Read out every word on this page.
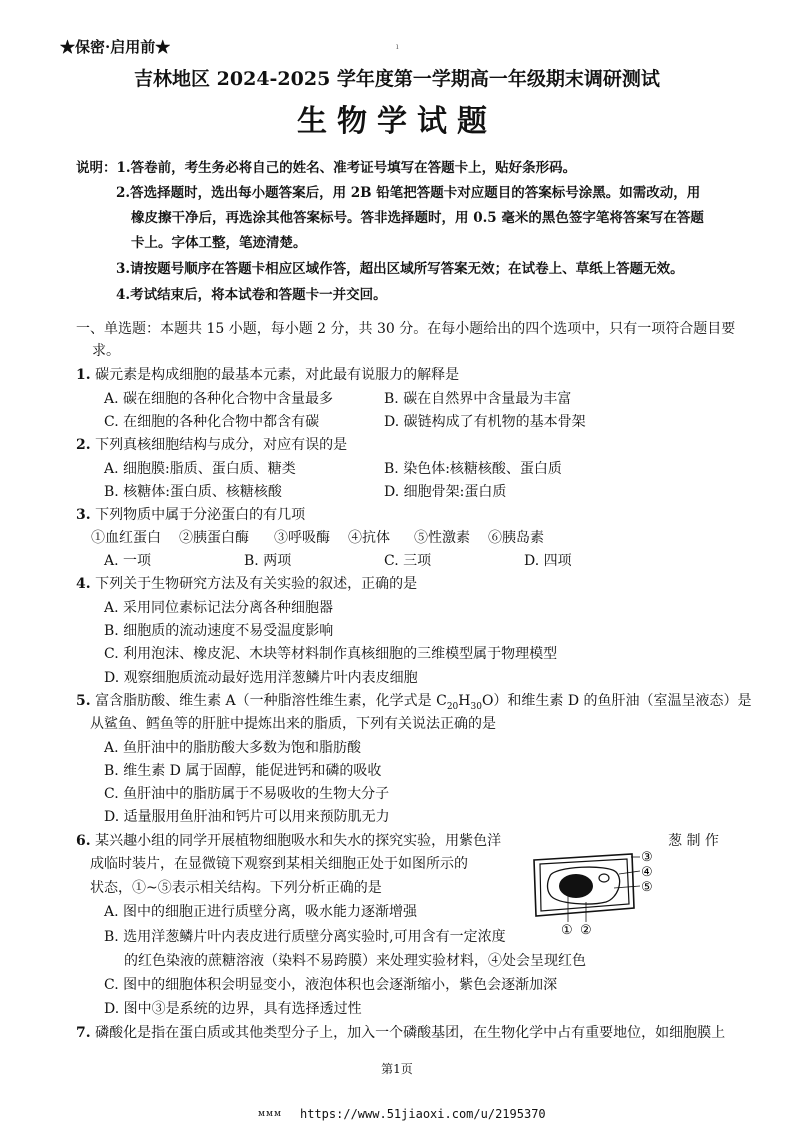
★保密·启用前★	ı
吉林地区 2024-2025 学年度第一学期高一年级期末调研测试
生物学试题
说明：1.答卷前，考生务必将自己的姓名、准考证号填写在答题卡上，贴好条形码。
2.答选择题时，选出每小题答案后，用 2B 铅笔把答题卡对应题目的答案标号涂黑。如需改动，用
橡皮擦干净后，再选涂其他答案标号。答非选择题时，用 0.5 毫米的黑色签字笔将答案写在答题
卡上。字体工整，笔迹清楚。
3.请按题号顺序在答题卡相应区域作答，超出区域所写答案无效；在试卷上、草纸上答题无效。
4.考试结束后，将本试卷和答题卡一并交回。
一、单选题：本题共 15 小题，每小题 2 分，共 30 分。在每小题给出的四个选项中，只有一项符合题目要
求。
1. 碳元素是构成细胞的最基本元素，对此最有说服力的解释是
A. 碳在细胞的各种化合物中含量最多	B. 碳在自然界中含量最为丰富
C. 在细胞的各种化合物中都含有碳	D. 碳链构成了有机物的基本骨架
2. 下列真核细胞结构与成分，对应有误的是
A. 细胞膜:脂质、蛋白质、糖类	B. 染色体:核糖核酸、蛋白质
B. 核糖体:蛋白质、核糖核酸	D. 细胞骨架:蛋白质
3. 下列物质中属于分泌蛋白的有几项
①血红蛋白 ②胰蛋白酶 ③呼吸酶 ④抗体 ⑤性激素 ⑥胰岛素
A. 一项	B. 两项	C. 三项	D. 四项
4. 下列关于生物研究方法及有关实验的叙述，正确的是
A. 采用同位素标记法分离各种细胞器
B. 细胞质的流动速度不易受温度影响
C. 利用泡沫、橡皮泥、木块等材料制作真核细胞的三维模型属于物理模型
D. 观察细胞质流动最好选用洋葱鳞片叶内表皮细胞
5. 富含脂肪酸、维生素 A（一种脂溶性维生素，化学式是 $C_{20}H_{30}O$）和维生素 D 的鱼肝油（室温呈液态）是
从鲨鱼、鳕鱼等的肝脏中提炼出来的脂质，下列有关说法正确的是
A. 鱼肝油中的脂肪酸大多数为饱和脂肪酸
B. 维生素 D 属于固醇，能促进钙和磷的吸收
C. 鱼肝油中的脂肪属于不易吸收的生物大分子
D. 适量服用鱼肝油和钙片可以用来预防肌无力
6. 某兴趣小组的同学开展植物细胞吸水和失水的探究实验，用紫色洋	葱 制 作
成临时装片，在显微镜下观察到某相关细胞正处于如图所示的
状态，①~⑤表示相关结构。下列分析正确的是
A. 图中的细胞正进行质壁分离，吸水能力逐渐增强
B. 选用洋葱鳞片叶内表皮进行质壁分离实验时,可用含有一定浓度
的红色染液的蔗糖溶液（染料不易跨膜）来处理实验材料，④处会呈现红色
C. 图中的细胞体积会明显变小，液泡体积也会逐渐缩小，紫色会逐渐加深
D. 图中③是系统的边界，具有选择透过性
③
④
⑤
① ②
7. 磷酸化是指在蛋白质或其他类型分子上，加入一个磷酸基团，在生物化学中占有重要地位，如细胞膜上
第1页
ᴍᴍᴍ https://www.51jiaoxi.com/u/2195370
